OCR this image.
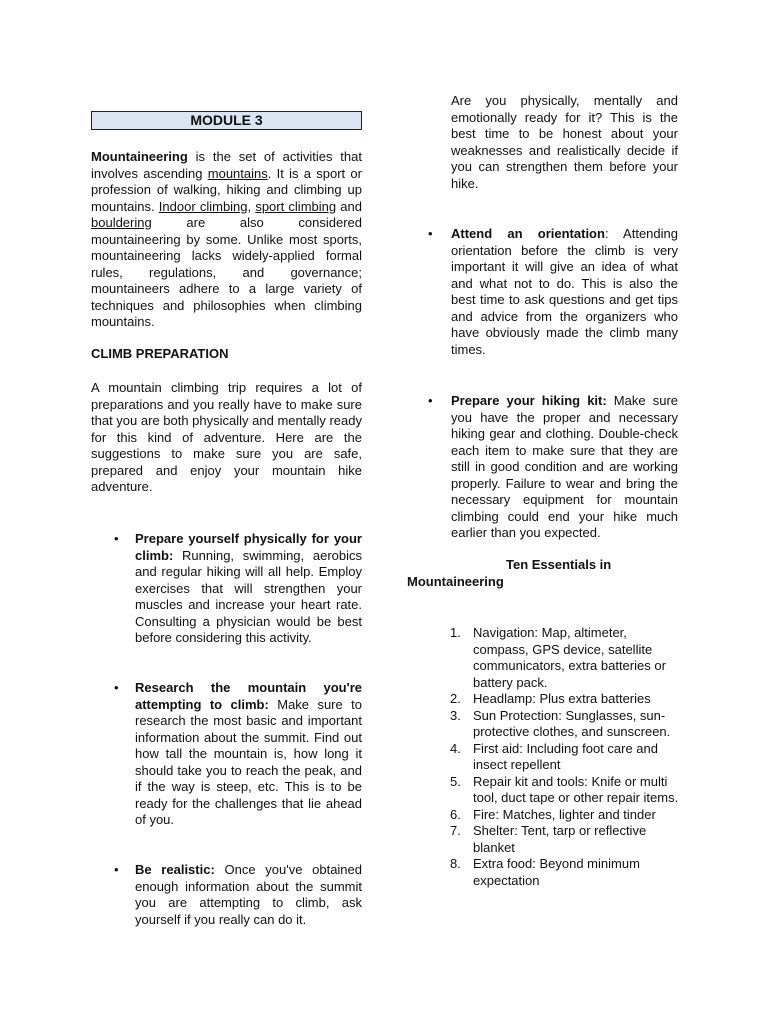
MODULE 3

Mountaineering is the set of activities that involves ascending mountains. It is a sport or profession of walking, hiking and climbing up mountains. Indoor climbing, sport climbing and bouldering are also considered mountaineering by some. Unlike most sports, mountaineering lacks widely-applied formal rules, regulations, and governance; mountaineers adhere to a large variety of techniques and philosophies when climbing mountains.

CLIMB PREPARATION

A mountain climbing trip requires a lot of preparations and you really have to make sure that you are both physically and mentally ready for this kind of adventure. Here are the suggestions to make sure you are safe, prepared and enjoy your mountain hike adventure.

• Prepare yourself physically for your climb: Running, swimming, aerobics and regular hiking will all help. Employ exercises that will strengthen your muscles and increase your heart rate. Consulting a physician would be best before considering this activity.

• Research the mountain you're attempting to climb: Make sure to research the most basic and important information about the summit. Find out how tall the mountain is, how long it should take you to reach the peak, and if the way is steep, etc. This is to be ready for the challenges that lie ahead of you.

• Be realistic: Once you've obtained enough information about the summit you are attempting to climb, ask yourself if you really can do it.

Are you physically, mentally and emotionally ready for it? This is the best time to be honest about your weaknesses and realistically decide if you can strengthen them before your hike.

• Attend an orientation: Attending orientation before the climb is very important it will give an idea of what and what not to do. This is also the best time to ask questions and get tips and advice from the organizers who have obviously made the climb many times.

• Prepare your hiking kit: Make sure you have the proper and necessary hiking gear and clothing. Double-check each item to make sure that they are still in good condition and are working properly. Failure to wear and bring the necessary equipment for mountain climbing could end your hike much earlier than you expected.

Ten Essentials in
Mountaineering
1. Navigation: Map, altimeter, compass, GPS device, satellite communicators, extra batteries or battery pack.
2. Headlamp: Plus extra batteries
3. Sun Protection: Sunglasses, sun-protective clothes, and sunscreen.
4. First aid: Including foot care and insect repellent
5. Repair kit and tools: Knife or multi tool, duct tape or other repair items.
6. Fire: Matches, lighter and tinder
7. Shelter: Tent, tarp or reflective blanket
8. Extra food: Beyond minimum expectation
